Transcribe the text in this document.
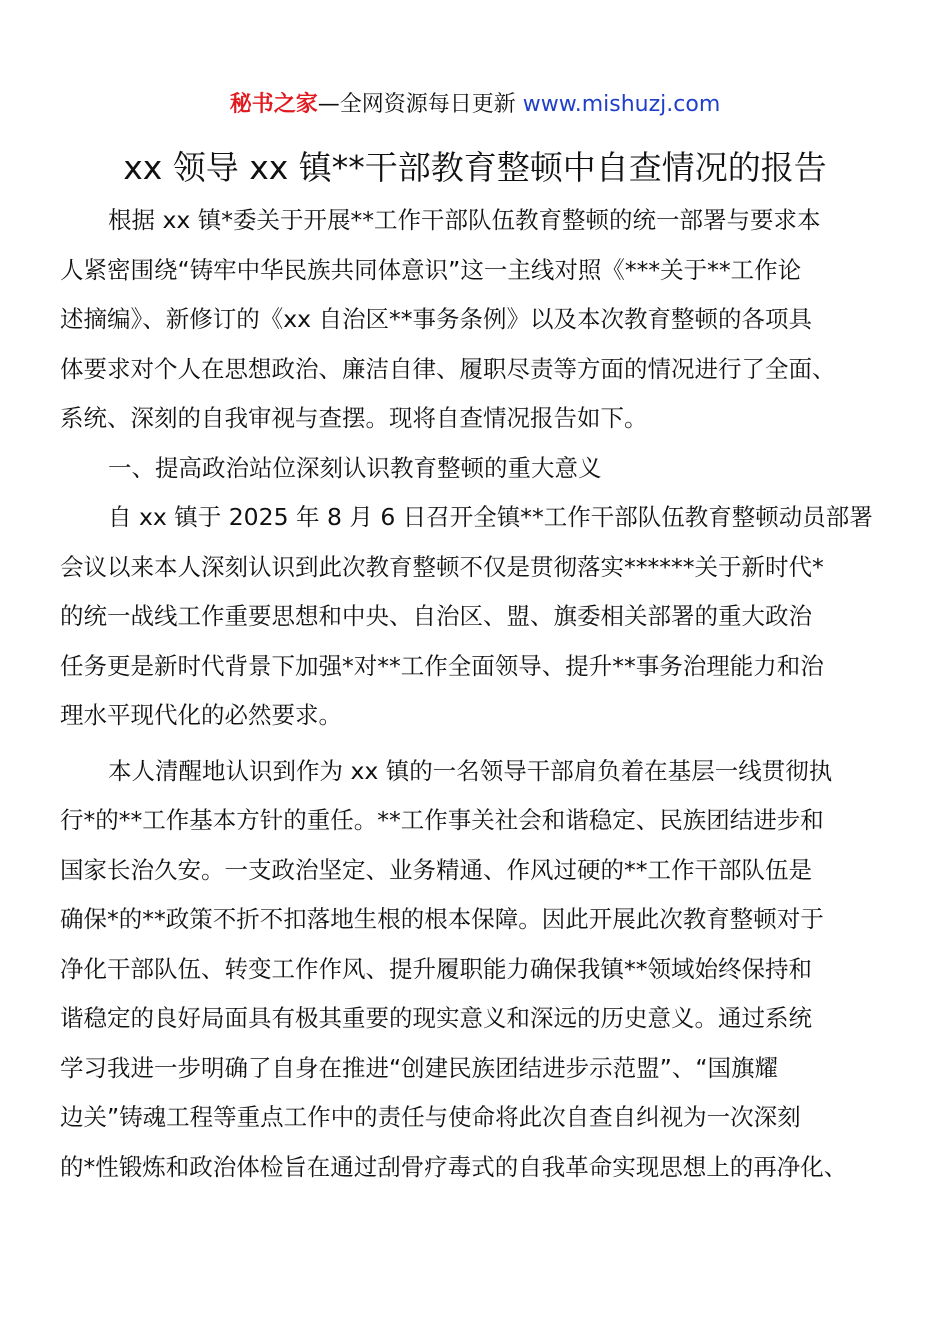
秘书之家—全网资源每日更新 www.mishuzj.com
xx 领导 xx 镇**干部教育整顿中自查情况的报告
根据 xx 镇*委关于开展**工作干部队伍教育整顿的统一部署与要求本
人紧密围绕“铸牢中华民族共同体意识”这一主线对照《***关于**工作论
述摘编》、新修订的《xx 自治区**事务条例》以及本次教育整顿的各项具
体要求对个人在思想政治、廉洁自律、履职尽责等方面的情况进行了全面、
系统、深刻的自我审视与查摆。现将自查情况报告如下。
一、提高政治站位深刻认识教育整顿的重大意义
自 xx 镇于 2025 年 8 月 6 日召开全镇**工作干部队伍教育整顿动员部署
会议以来本人深刻认识到此次教育整顿不仅是贯彻落实******关于新时代*
的统一战线工作重要思想和中央、自治区、盟、旗委相关部署的重大政治
任务更是新时代背景下加强*对**工作全面领导、提升**事务治理能力和治
理水平现代化的必然要求。
本人清醒地认识到作为 xx 镇的一名领导干部肩负着在基层一线贯彻执
行*的**工作基本方针的重任。**工作事关社会和谐稳定、民族团结进步和
国家长治久安。一支政治坚定、业务精通、作风过硬的**工作干部队伍是
确保*的**政策不折不扣落地生根的根本保障。因此开展此次教育整顿对于
净化干部队伍、转变工作作风、提升履职能力确保我镇**领域始终保持和
谐稳定的良好局面具有极其重要的现实意义和深远的历史意义。通过系统
学习我进一步明确了自身在推进“创建民族团结进步示范盟”、“国旗耀
边关”铸魂工程等重点工作中的责任与使命将此次自查自纠视为一次深刻
的*性锻炼和政治体检旨在通过刮骨疗毒式的自我革命实现思想上的再净化、
